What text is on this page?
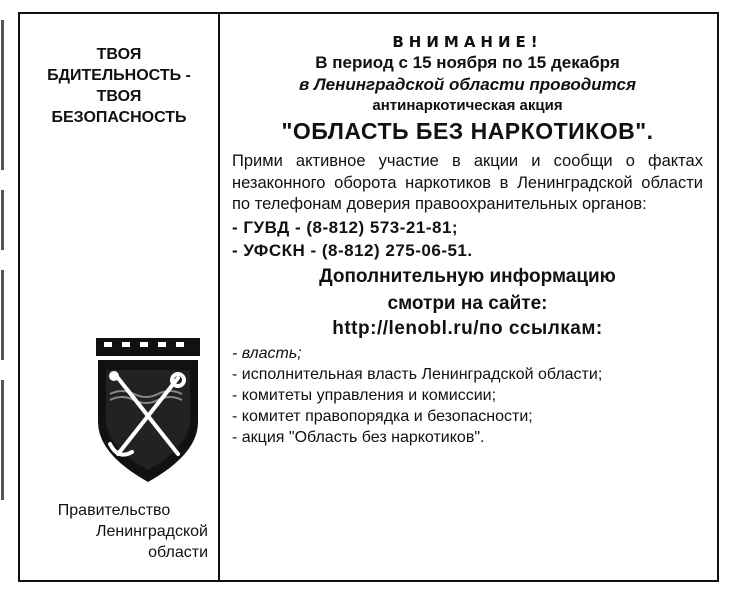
ТВОЯ
БДИТЕЛЬНОСТЬ -
ТВОЯ
БЕЗОПАСНОСТЬ
Правительство
Ленинградской
области
ВНИМАНИЕ!
В период с 15 ноября по 15 декабря
в Ленинградской области проводится
антинаркотическая акция
"ОБЛАСТЬ БЕЗ НАРКОТИКОВ".
Прими активное участие в акции и сообщи о фактах незаконного оборота наркотиков в Ленинградской области по телефонам доверия правоохранительных органов:
- ГУВД - (8-812) 573-21-81;
- УФСКН - (8-812) 275-06-51.
Дополнительную информацию
смотри на сайте:
http://lenobl.ru/по ссылкам:
- власть;
- исполнительная власть Ленинградской области;
- комитеты управления и комиссии;
- комитет правопорядка и безопасности;
- акция "Область без наркотиков".
